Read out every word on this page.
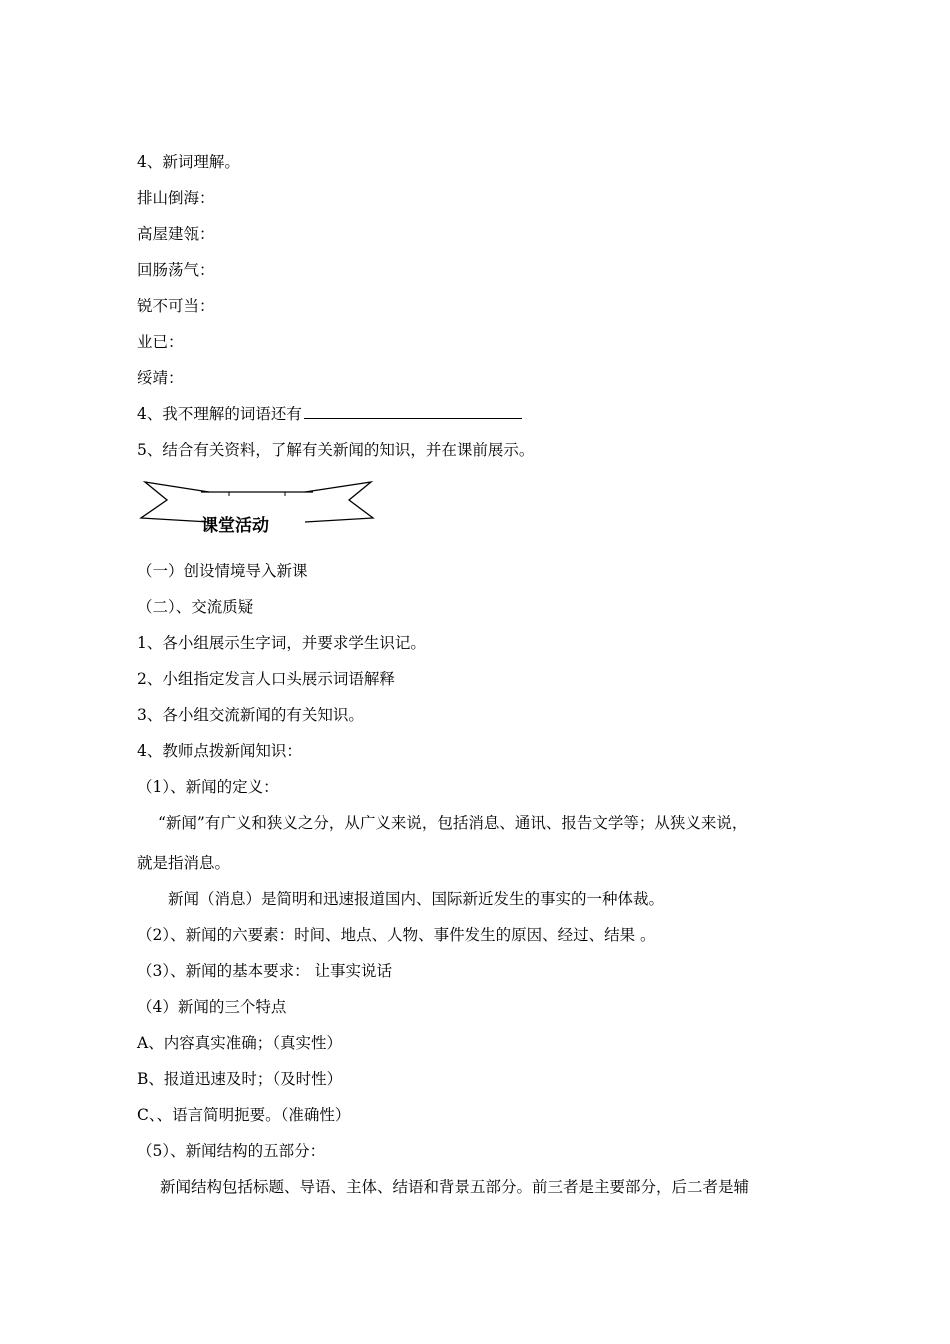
4、新词理解。
排山倒海：
高屋建瓴：
回肠荡气：
锐不可当：
业已：
绥靖：
4、我不理解的词语还有
5、结合有关资料，了解有关新闻的知识，并在课前展示。
课堂活动
（一）创设情境导入新课
（二）、交流质疑
1、各小组展示生字词，并要求学生识记。
2、小组指定发言人口头展示词语解释
3、各小组交流新闻的有关知识。
4、教师点拨新闻知识：
（1）、新闻的定义：
“新闻”有广义和狭义之分，从广义来说，包括消息、通讯、报告文学等；从狭义来说，
就是指消息。
新闻（消息）是简明和迅速报道国内、国际新近发生的事实的一种体裁。
（2）、新闻的六要素：时间、地点、人物、事件发生的原因、经过、结果 。
（3）、新闻的基本要求： 让事实说话
（4）新闻的三个特点
A、内容真实准确；（真实性）
B、报道迅速及时；（及时性）
C、、语言简明扼要。（准确性）
（5）、新闻结构的五部分：
新闻结构包括标题、导语、主体、结语和背景五部分。前三者是主要部分，后二者是辅
